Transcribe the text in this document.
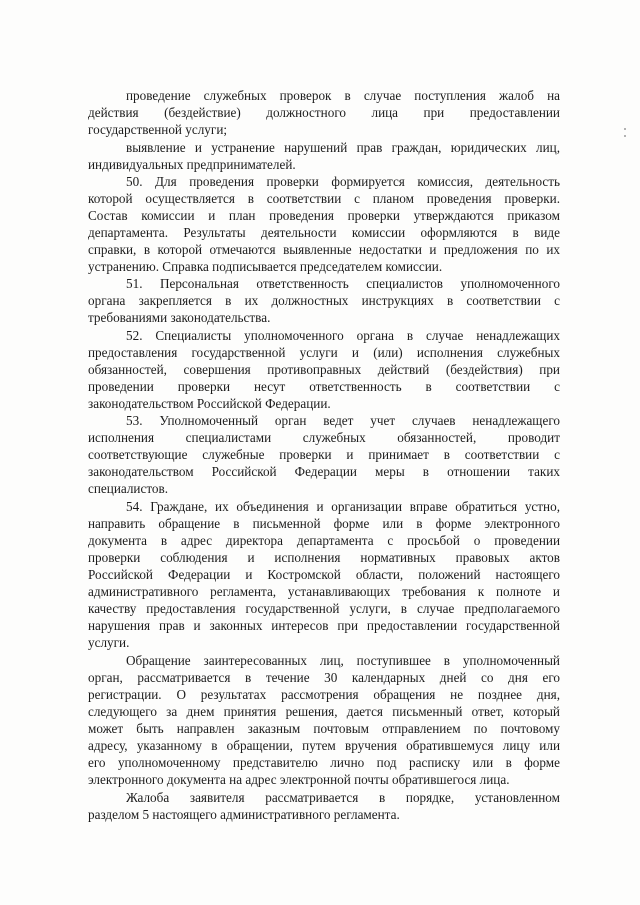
проведение служебных проверок в случае поступления жалоб на
действия (бездействие) должностного лица при предоставлении
государственной услуги;
выявление и устранение нарушений прав граждан, юридических лиц,
индивидуальных предпринимателей.
50. Для проведения проверки формируется комиссия, деятельность
которой осуществляется в соответствии с планом проведения проверки.
Состав комиссии и план проведения проверки утверждаются приказом
департамента. Результаты деятельности комиссии оформляются в виде
справки, в которой отмечаются выявленные недостатки и предложения по их
устранению. Справка подписывается председателем комиссии.
51. Персональная ответственность специалистов уполномоченного
органа закрепляется в их должностных инструкциях в соответствии с
требованиями законодательства.
52. Специалисты уполномоченного органа в случае ненадлежащих
предоставления государственной услуги и (или) исполнения служебных
обязанностей, совершения противоправных действий (бездействия) при
проведении проверки несут ответственность в соответствии с
законодательством Российской Федерации.
53. Уполномоченный орган ведет учет случаев ненадлежащего
исполнения специалистами служебных обязанностей, проводит
соответствующие служебные проверки и принимает в соответствии с
законодательством Российской Федерации меры в отношении таких
специалистов.
54. Граждане, их объединения и организации вправе обратиться устно,
направить обращение в письменной форме или в форме электронного
документа в адрес директора департамента с просьбой о проведении
проверки соблюдения и исполнения нормативных правовых актов
Российской Федерации и Костромской области, положений настоящего
административного регламента, устанавливающих требования к полноте и
качеству предоставления государственной услуги, в случае предполагаемого
нарушения прав и законных интересов при предоставлении государственной
услуги.
Обращение заинтересованных лиц, поступившее в уполномоченный
орган, рассматривается в течение 30 календарных дней со дня его
регистрации. О результатах рассмотрения обращения не позднее дня,
следующего за днем принятия решения, дается письменный ответ, который
может быть направлен заказным почтовым отправлением по почтовому
адресу, указанному в обращении, путем вручения обратившемуся лицу или
его уполномоченному представителю лично под расписку или в форме
электронного документа на адрес электронной почты обратившегося лица.
Жалоба заявителя рассматривается в порядке, установленном
разделом 5 настоящего административного регламента.
